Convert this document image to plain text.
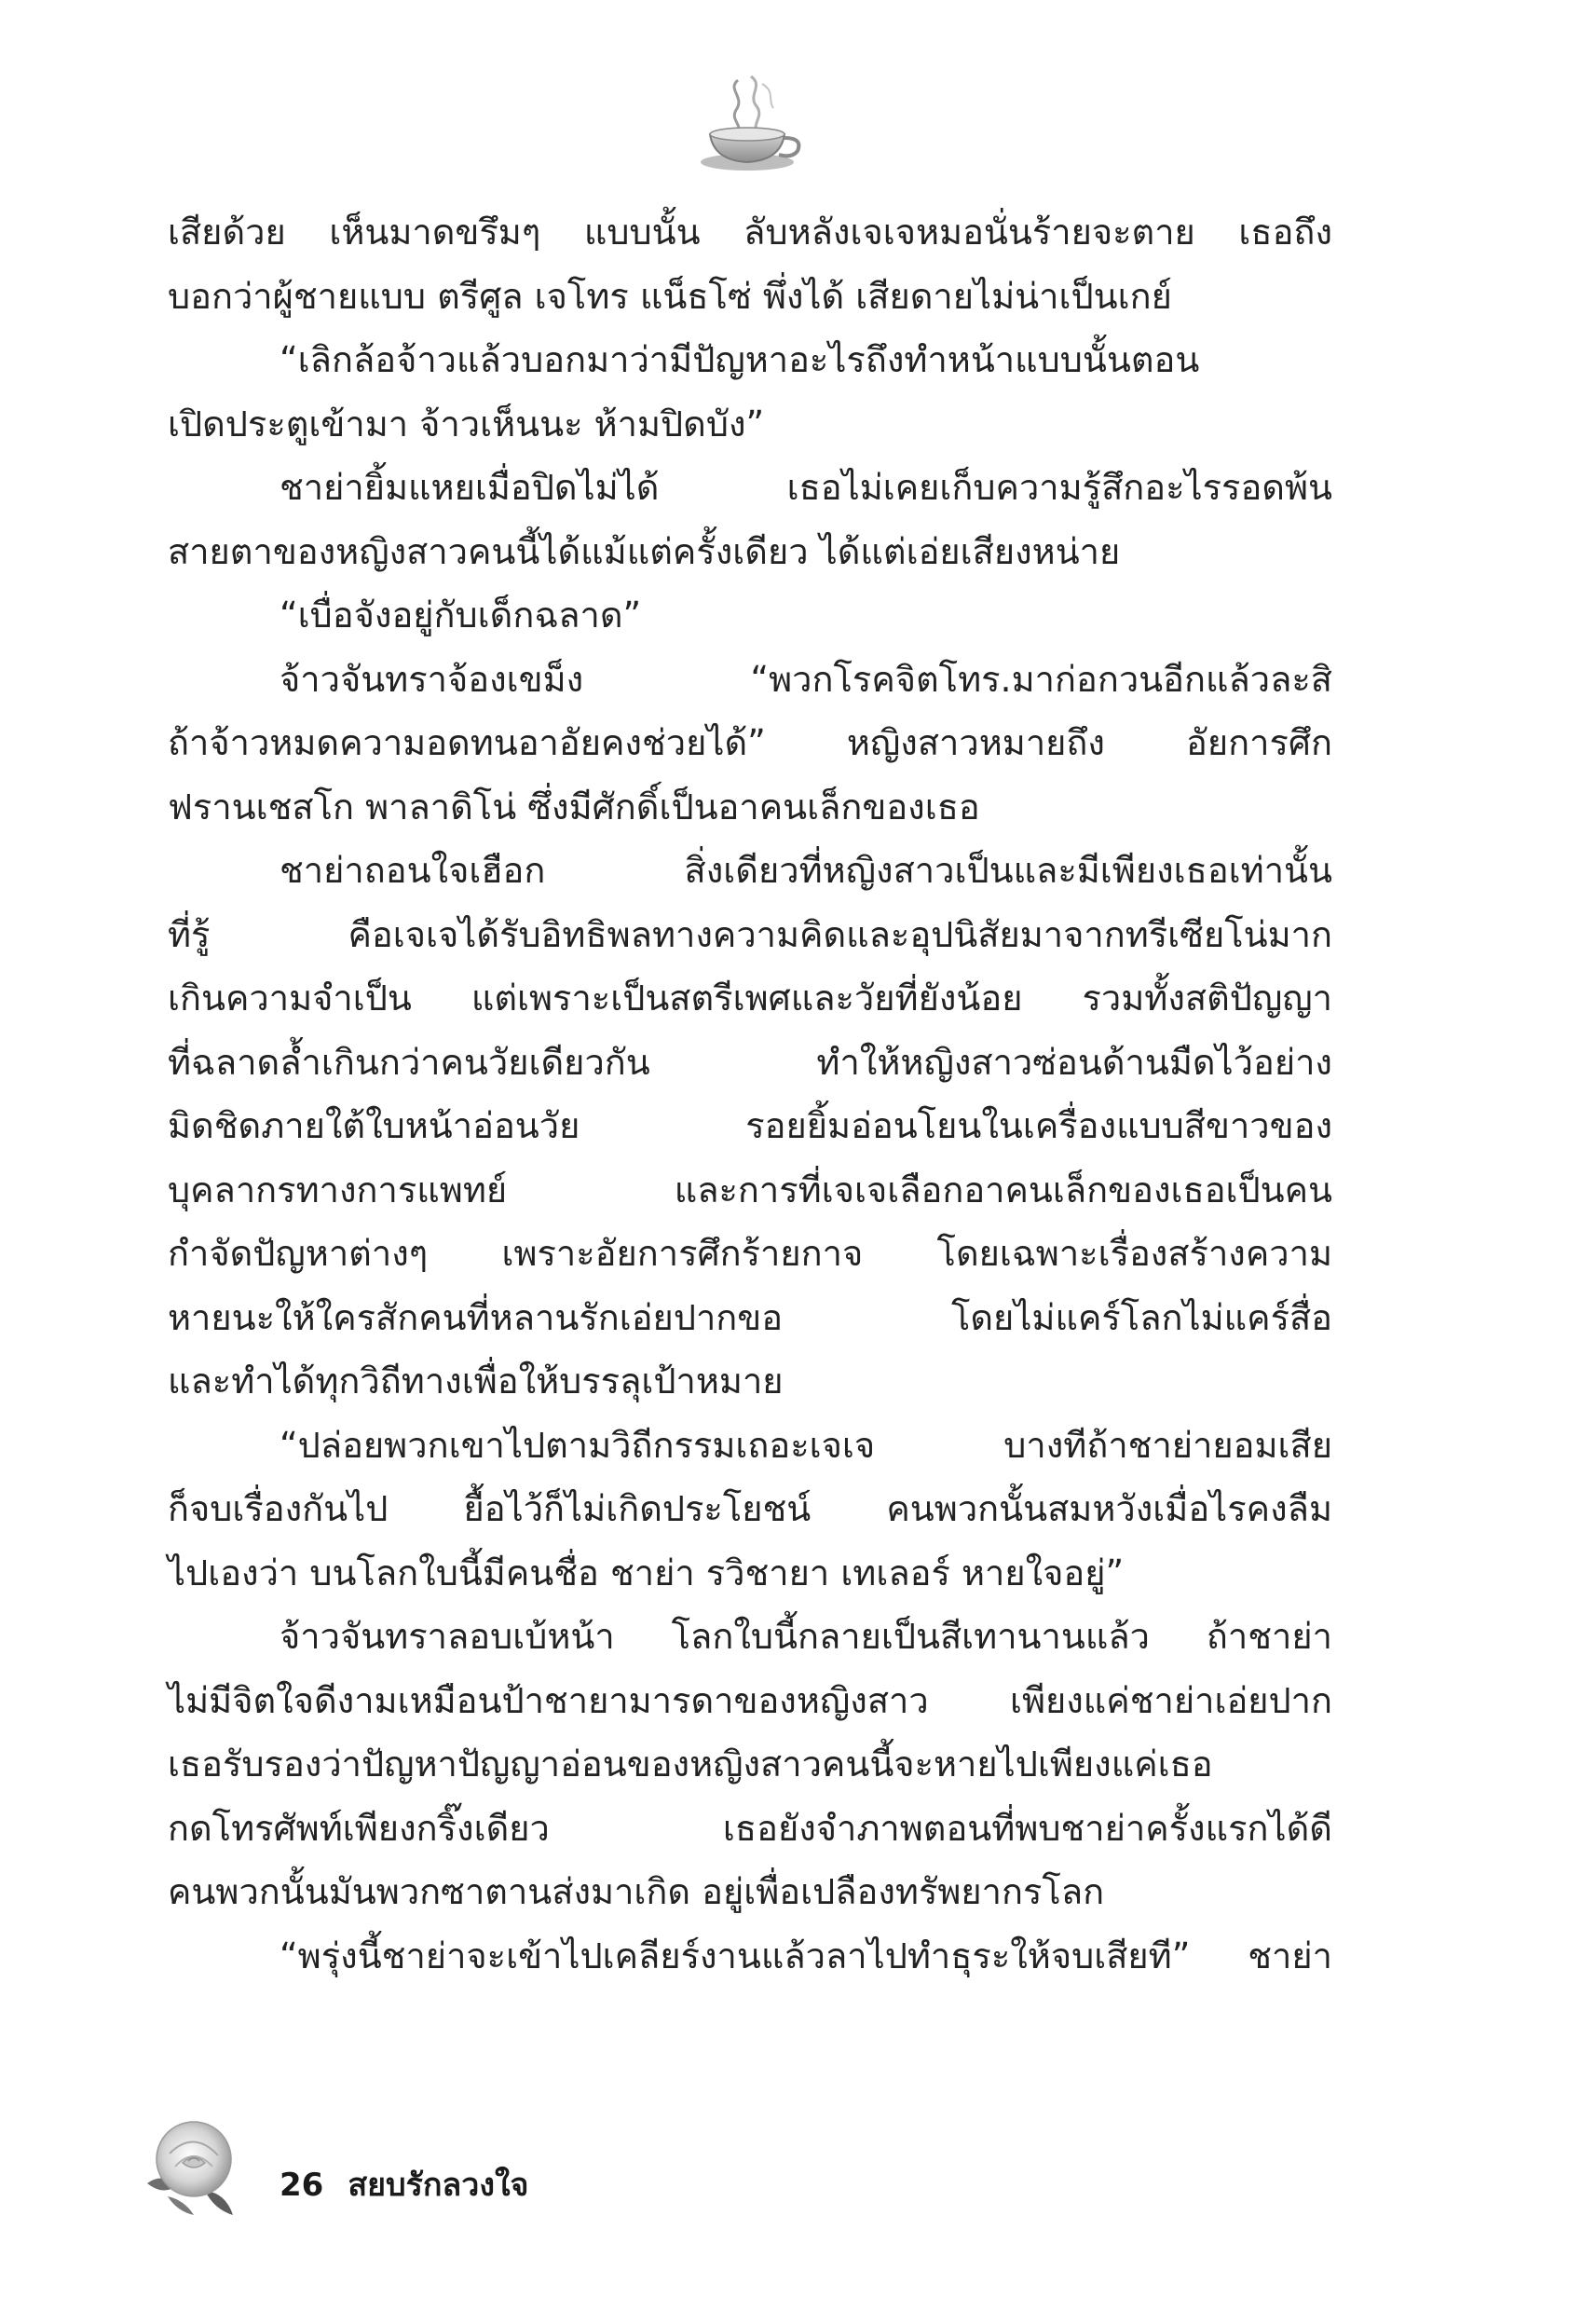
เสียด้วย เห็นมาดขรึมๆ แบบนั้น ลับหลังเจเจหมอนั่นร้ายจะตาย เธอถึง
บอกว่าผู้ชายแบบ ตรีศูล เจโทร แน็ธโซ่ พึ่งได้ เสียดายไม่น่าเป็นเกย์
“เลิกล้อจ้าวแล้วบอกมาว่ามีปัญหาอะไรถึงทำหน้าแบบนั้นตอน
เปิดประตูเข้ามา จ้าวเห็นนะ ห้ามปิดบัง”
ชาย่ายิ้มแหยเมื่อปิดไม่ได้ เธอไม่เคยเก็บความรู้สึกอะไรรอดพ้น
สายตาของหญิงสาวคนนี้ได้แม้แต่ครั้งเดียว ได้แต่เอ่ยเสียงหน่าย
“เบื่อจังอยู่กับเด็กฉลาด”
จ้าวจันทราจ้องเขม็ง “พวกโรคจิตโทร.มาก่อกวนอีกแล้วละสิ
ถ้าจ้าวหมดความอดทนอาอัยคงช่วยได้” หญิงสาวหมายถึง อัยการศึก
ฟรานเชสโก พาลาดิโน่ ซึ่งมีศักดิ์เป็นอาคนเล็กของเธอ
ชาย่าถอนใจเฮือก สิ่งเดียวที่หญิงสาวเป็นและมีเพียงเธอเท่านั้น
ที่รู้ คือเจเจได้รับอิทธิพลทางความคิดและอุปนิสัยมาจากทรีเซียโน่มาก
เกินความจำเป็น แต่เพราะเป็นสตรีเพศและวัยที่ยังน้อย รวมทั้งสติปัญญา
ที่ฉลาดล้ำเกินกว่าคนวัยเดียวกัน ทำให้หญิงสาวซ่อนด้านมืดไว้อย่าง
มิดชิดภายใต้ใบหน้าอ่อนวัย รอยยิ้มอ่อนโยนในเครื่องแบบสีขาวของ
บุคลากรทางการแพทย์ และการที่เจเจเลือกอาคนเล็กของเธอเป็นคน
กำจัดปัญหาต่างๆ เพราะอัยการศึกร้ายกาจ โดยเฉพาะเรื่องสร้างความ
หายนะให้ใครสักคนที่หลานรักเอ่ยปากขอ โดยไม่แคร์โลกไม่แคร์สื่อ
และทำได้ทุกวิถีทางเพื่อให้บรรลุเป้าหมาย
“ปล่อยพวกเขาไปตามวิถีกรรมเถอะเจเจ บางทีถ้าชาย่ายอมเสีย
ก็จบเรื่องกันไป ยื้อไว้ก็ไม่เกิดประโยชน์ คนพวกนั้นสมหวังเมื่อไรคงลืม
ไปเองว่า บนโลกใบนี้มีคนชื่อ ชาย่า รวิชายา เทเลอร์ หายใจอยู่”
จ้าวจันทราลอบเบ้หน้า โลกใบนี้กลายเป็นสีเทานานแล้ว ถ้าชาย่า
ไม่มีจิตใจดีงามเหมือนป้าชายามารดาของหญิงสาว เพียงแค่ชาย่าเอ่ยปาก
เธอรับรองว่าปัญหาปัญญาอ่อนของหญิงสาวคนนี้จะหายไปเพียงแค่เธอ
กดโทรศัพท์เพียงกริ๊งเดียว เธอยังจำภาพตอนที่พบชาย่าครั้งแรกได้ดี
คนพวกนั้นมันพวกซาตานส่งมาเกิด อยู่เพื่อเปลืองทรัพยากรโลก
“พรุ่งนี้ชาย่าจะเข้าไปเคลียร์งานแล้วลาไปทำธุระให้จบเสียที” ชาย่า
26 สยบรักลวงใจ
